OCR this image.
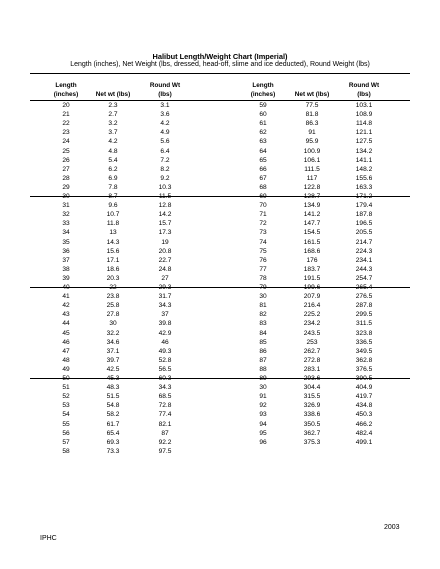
Halibut Length/Weight Chart (Imperial)
Length (inches), Net Weight (lbs, dressed, head-off, slime and ice deducted), Round Weight (lbs)
Length
(inches)	Net wt (lbs)
Round Wt
(lbs)
Length
(inches)	Net wt (lbs)
Round Wt
(lbs)
20	2.3	3.1
21	2.7	3.6
22	3.2	4.2
23	3.7	4.9
24	4.2	5.6
25	4.8	6.4
26	5.4	7.2
27	6.2	8.2
28	6.9	9.2
29	7.8	10.3
30	8.7	11.5
31	9.6	12.8
32	10.7	14.2
33	11.8	15.7
34	13	17.3
35	14.3	19
36	15.6	20.8
37	17.1	22.7
38	18.6	24.8
39	20.3	27
40	22	29.3
41	23.8	31.7
42	25.8	34.3
43	27.8	37
44	30	39.8
45	32.2	42.9
46	34.6	46
47	37.1	49.3
48	39.7	52.8
49	42.5	56.5
50	45.3	60.3
51	48.3	34.3
52	51.5	68.5
53	54.8	72.8
54	58.2	77.4
55	61.7	82.1
56	65.4	87
57	69.3	92.2
58	73.3	97.5
59	77.5	103.1
60	81.8	108.9
61	86.3	114.8
62	91	121.1
63	95.9	127.5
64	100.9	134.2
65	106.1	141.1
66	111.5	148.2
67	117	155.6
68	122.8	163.3
69	128.7	171.2
70	134.9	179.4
71	141.2	187.8
72	147.7	196.5
73	154.5	205.5
74	161.5	214.7
75	168.6	224.3
76	176	234.1
77	183.7	244.3
78	191.5	254.7
79	199.6	265.4
30	207.9	276.5
81	216.4	287.8
82	225.2	299.5
83	234.2	311.5
84	243.5	323.8
85	253	336.5
86	262.7	349.5
87	272.8	362.8
88	283.1	376.5
89	293.6	390.5
30	304.4	404.9
91	315.5	419.7
92	326.9	434.8
93	338.6	450.3
94	350.5	466.2
95	362.7	482.4
96	375.3	499.1
2003
IPHC
